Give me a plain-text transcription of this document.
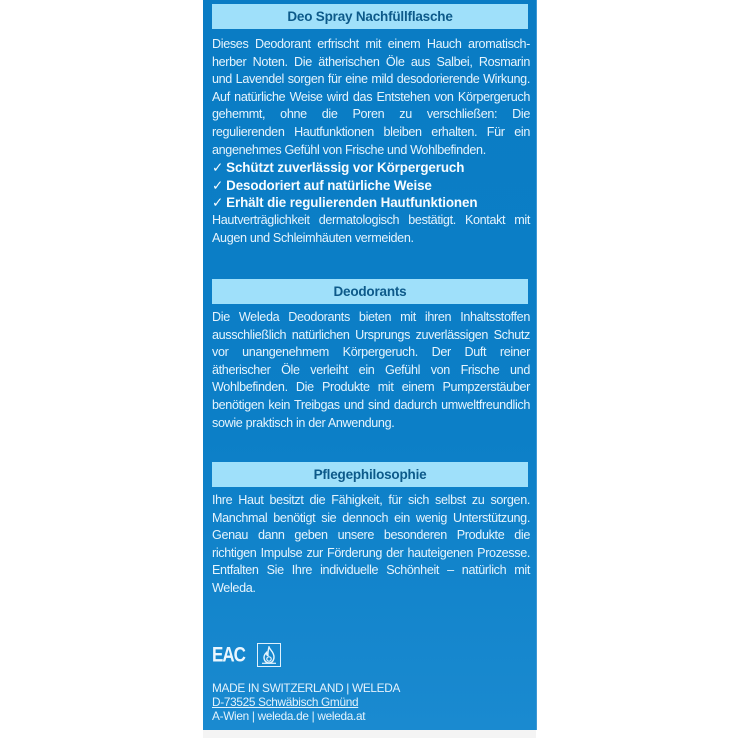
Deo Spray Nachfüllflasche

Dieses Deodorant erfrischt mit einem Hauch aromatisch-herber Noten. Die ätherischen Öle aus Salbei, Rosmarin und Lavendel sorgen für eine mild desodorierende Wirkung. Auf natürliche Weise wird das Entstehen von Körpergeruch gehemmt, ohne die Poren zu verschließen: Die regulierenden Hautfunktionen bleiben erhalten. Für ein angenehmes Gefühl von Frische und Wohlbefinden.

✓ Schützt zuverlässig vor Körpergeruch
✓ Desodoriert auf natürliche Weise
✓ Erhält die regulierenden Hautfunktionen

Hautverträglichkeit dermatologisch bestätigt. Kontakt mit Augen und Schleimhäuten vermeiden.

Deodorants

Die Weleda Deodorants bieten mit ihren Inhaltsstoffen ausschließlich natürlichen Ursprungs zuverlässigen Schutz vor unangenehmem Körpergeruch. Der Duft reiner ätherischer Öle verleiht ein Gefühl von Frische und Wohlbefinden. Die Produkte mit einem Pumpzerstäuber benötigen kein Treibgas und sind dadurch umweltfreundlich sowie praktisch in der Anwendung.

Pflegephilosophie

Ihre Haut besitzt die Fähigkeit, für sich selbst zu sorgen. Manchmal benötigt sie dennoch ein wenig Unterstützung. Genau dann geben unsere besonderen Produkte die richtigen Impulse zur Förderung der hauteigenen Prozesse. Entfalten Sie Ihre individuelle Schönheit – natürlich mit Weleda.

EAC
MADE IN SWITZERLAND | WELEDA
D-73525 Schwäbisch Gmünd
A-Wien | weleda.de | weleda.at
